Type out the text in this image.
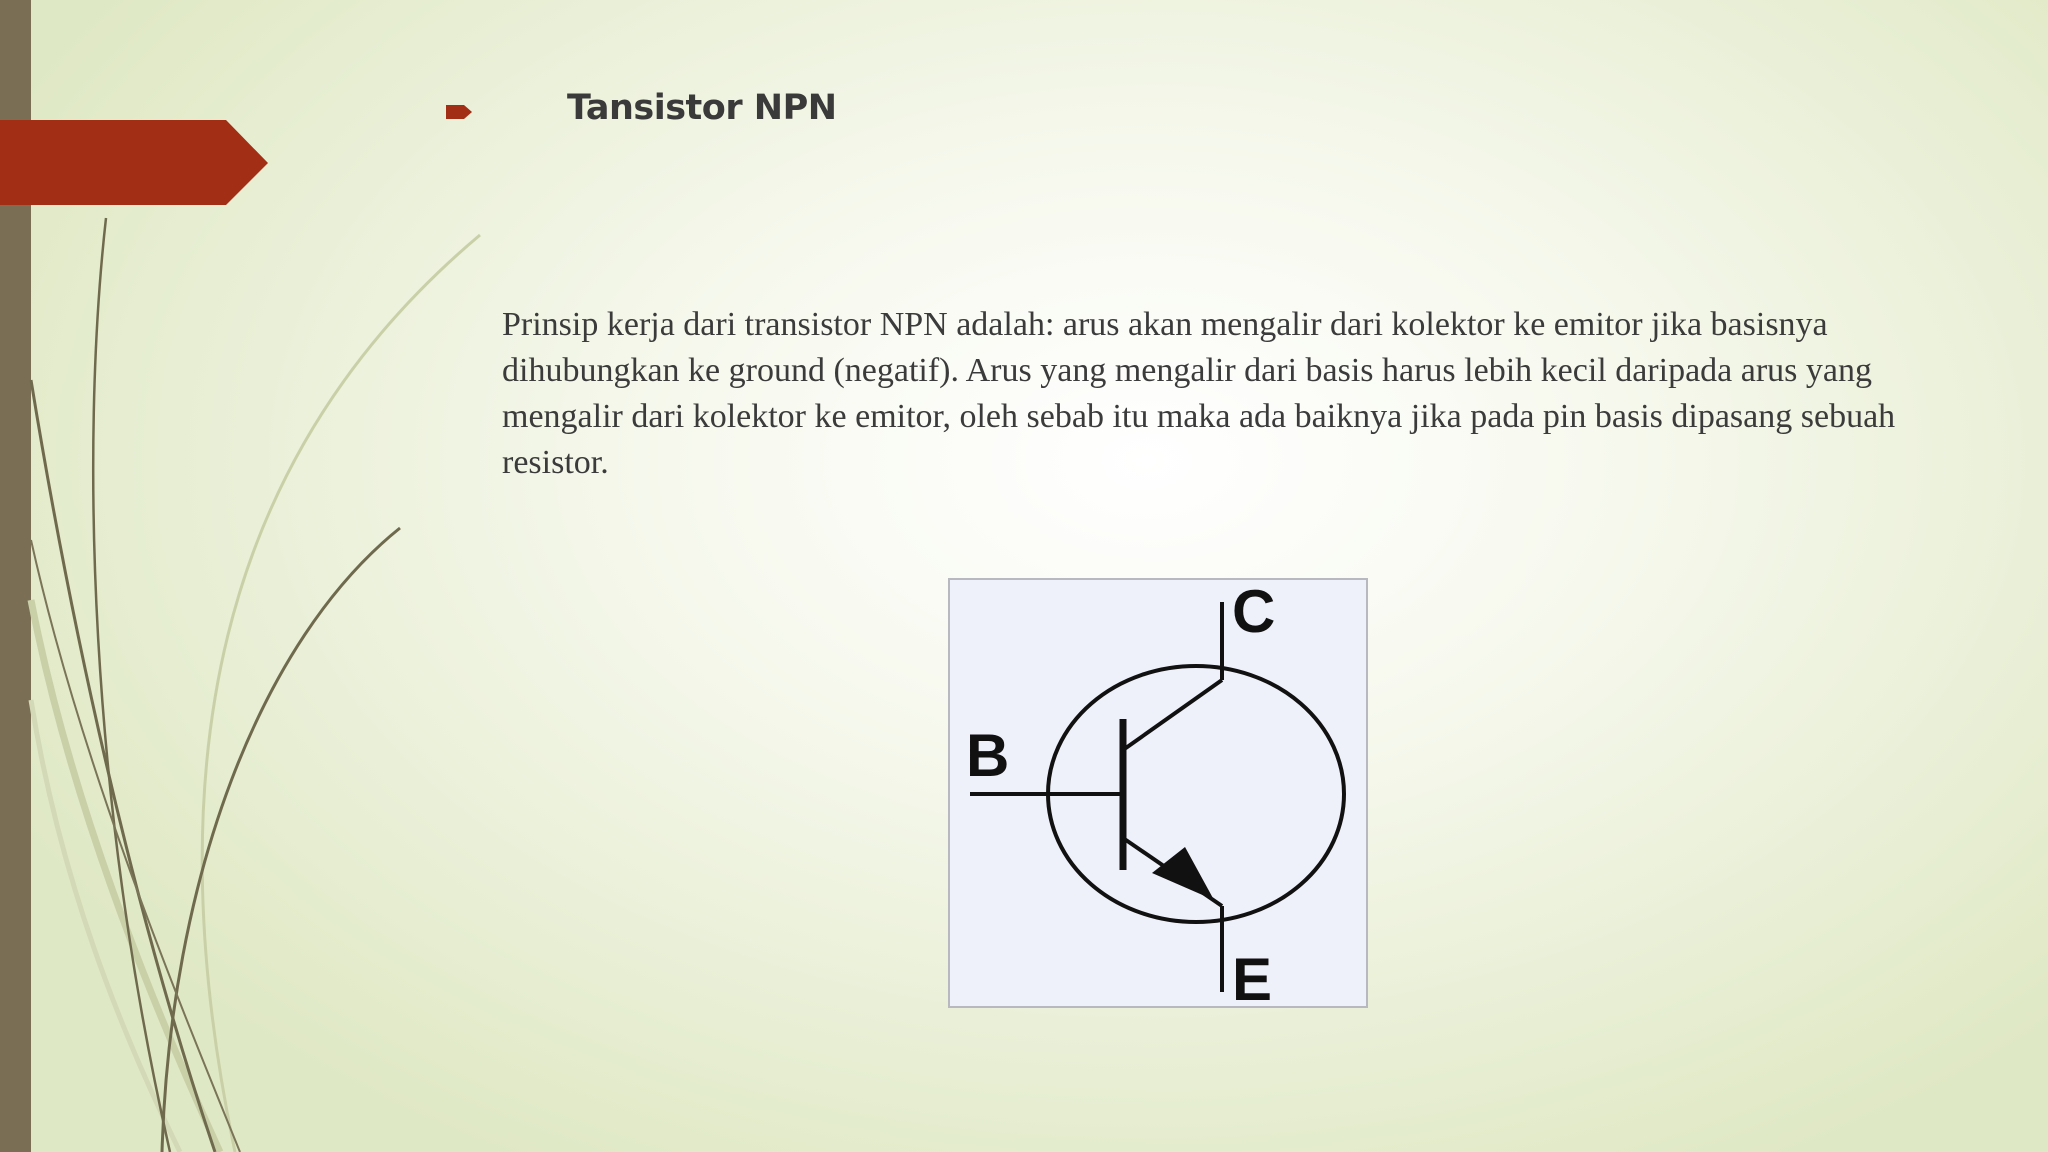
Tansistor NPN

Prinsip kerja dari transistor NPN adalah: arus akan mengalir dari kolektor ke emitor jika basisnya dihubungkan ke ground (negatif). Arus yang mengalir dari basis harus lebih kecil daripada arus yang mengalir dari kolektor ke emitor, oleh sebab itu maka ada baiknya jika pada pin basis dipasang sebuah resistor.

C
B
E
